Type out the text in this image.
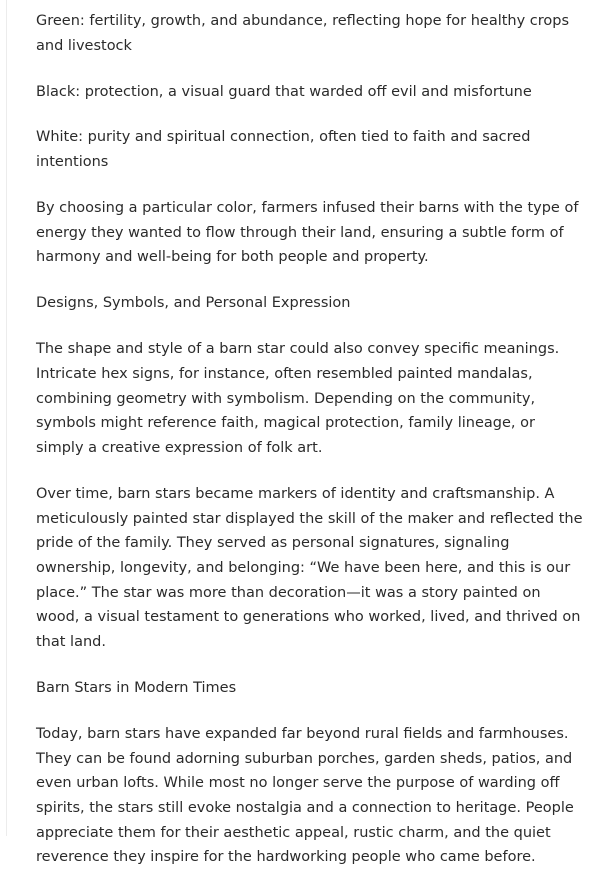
Green: fertility, growth, and abundance, reflecting hope for healthy crops and livestock

Black: protection, a visual guard that warded off evil and misfortune

White: purity and spiritual connection, often tied to faith and sacred intentions

By choosing a particular color, farmers infused their barns with the type of energy they wanted to flow through their land, ensuring a subtle form of harmony and well-being for both people and property.

Designs, Symbols, and Personal Expression

The shape and style of a barn star could also convey specific meanings. Intricate hex signs, for instance, often resembled painted mandalas, combining geometry with symbolism. Depending on the community, symbols might reference faith, magical protection, family lineage, or simply a creative expression of folk art.

Over time, barn stars became markers of identity and craftsmanship. A meticulously painted star displayed the skill of the maker and reflected the pride of the family. They served as personal signatures, signaling ownership, longevity, and belonging: “We have been here, and this is our place.” The star was more than decoration—it was a story painted on wood, a visual testament to generations who worked, lived, and thrived on that land.

Barn Stars in Modern Times

Today, barn stars have expanded far beyond rural fields and farmhouses. They can be found adorning suburban porches, garden sheds, patios, and even urban lofts. While most no longer serve the purpose of warding off spirits, the stars still evoke nostalgia and a connection to heritage. People appreciate them for their aesthetic appeal, rustic charm, and the quiet reverence they inspire for the hardworking people who came before.
